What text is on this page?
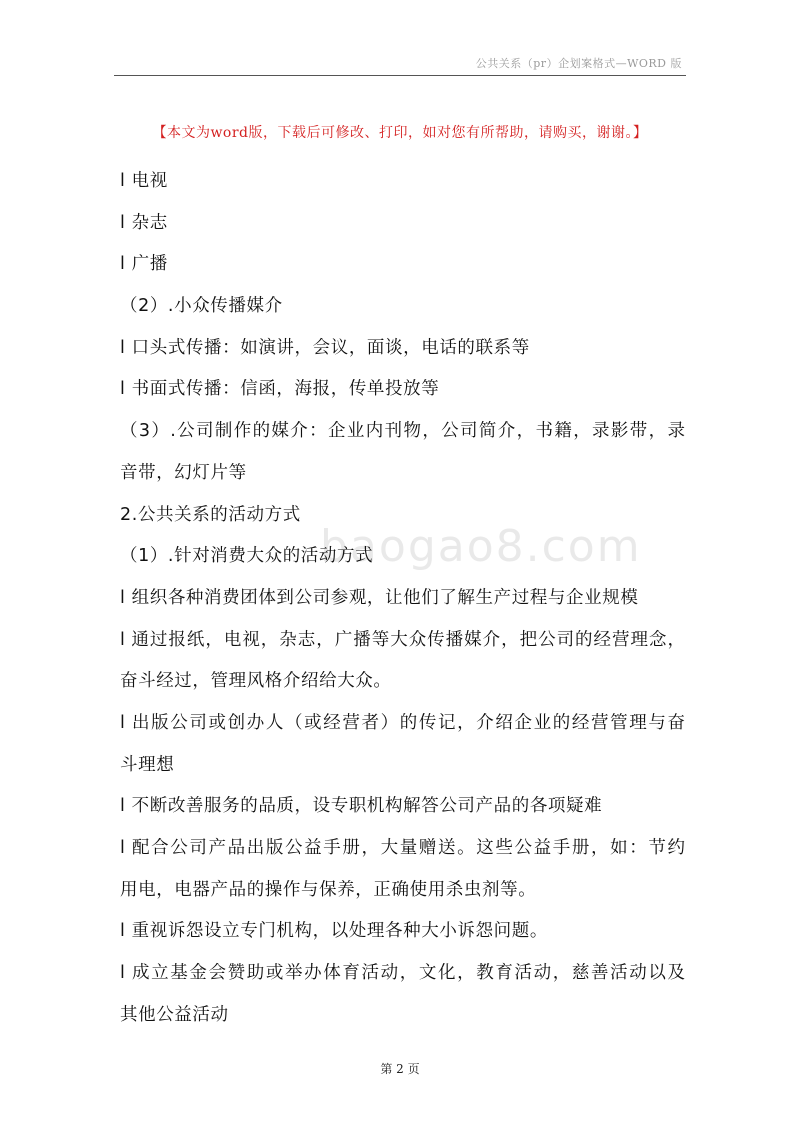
公共关系（pr）企划案格式—WORD 版
【本文为word版，下载后可修改、打印，如对您有所帮助，请购买，谢谢。】
baogao8.com
l 电视
l 杂志
l 广播
（2）.小众传播媒介
l 口头式传播：如演讲，会议，面谈，电话的联系等
l 书面式传播：信函，海报，传单投放等
（3）.公司制作的媒介：企业内刊物，公司简介，书籍，录影带，录
音带，幻灯片等
2.公共关系的活动方式
（1）.针对消费大众的活动方式
l 组织各种消费团体到公司参观，让他们了解生产过程与企业规模
l 通过报纸，电视，杂志，广播等大众传播媒介，把公司的经营理念，
奋斗经过，管理风格介绍给大众。
l 出版公司或创办人（或经营者）的传记，介绍企业的经营管理与奋
斗理想
l 不断改善服务的品质，设专职机构解答公司产品的各项疑难
l 配合公司产品出版公益手册，大量赠送。这些公益手册，如：节约
用电，电器产品的操作与保养，正确使用杀虫剂等。
l 重视诉怨设立专门机构，以处理各种大小诉怨问题。
l 成立基金会赞助或举办体育活动，文化，教育活动，慈善活动以及
其他公益活动
第 2 页
